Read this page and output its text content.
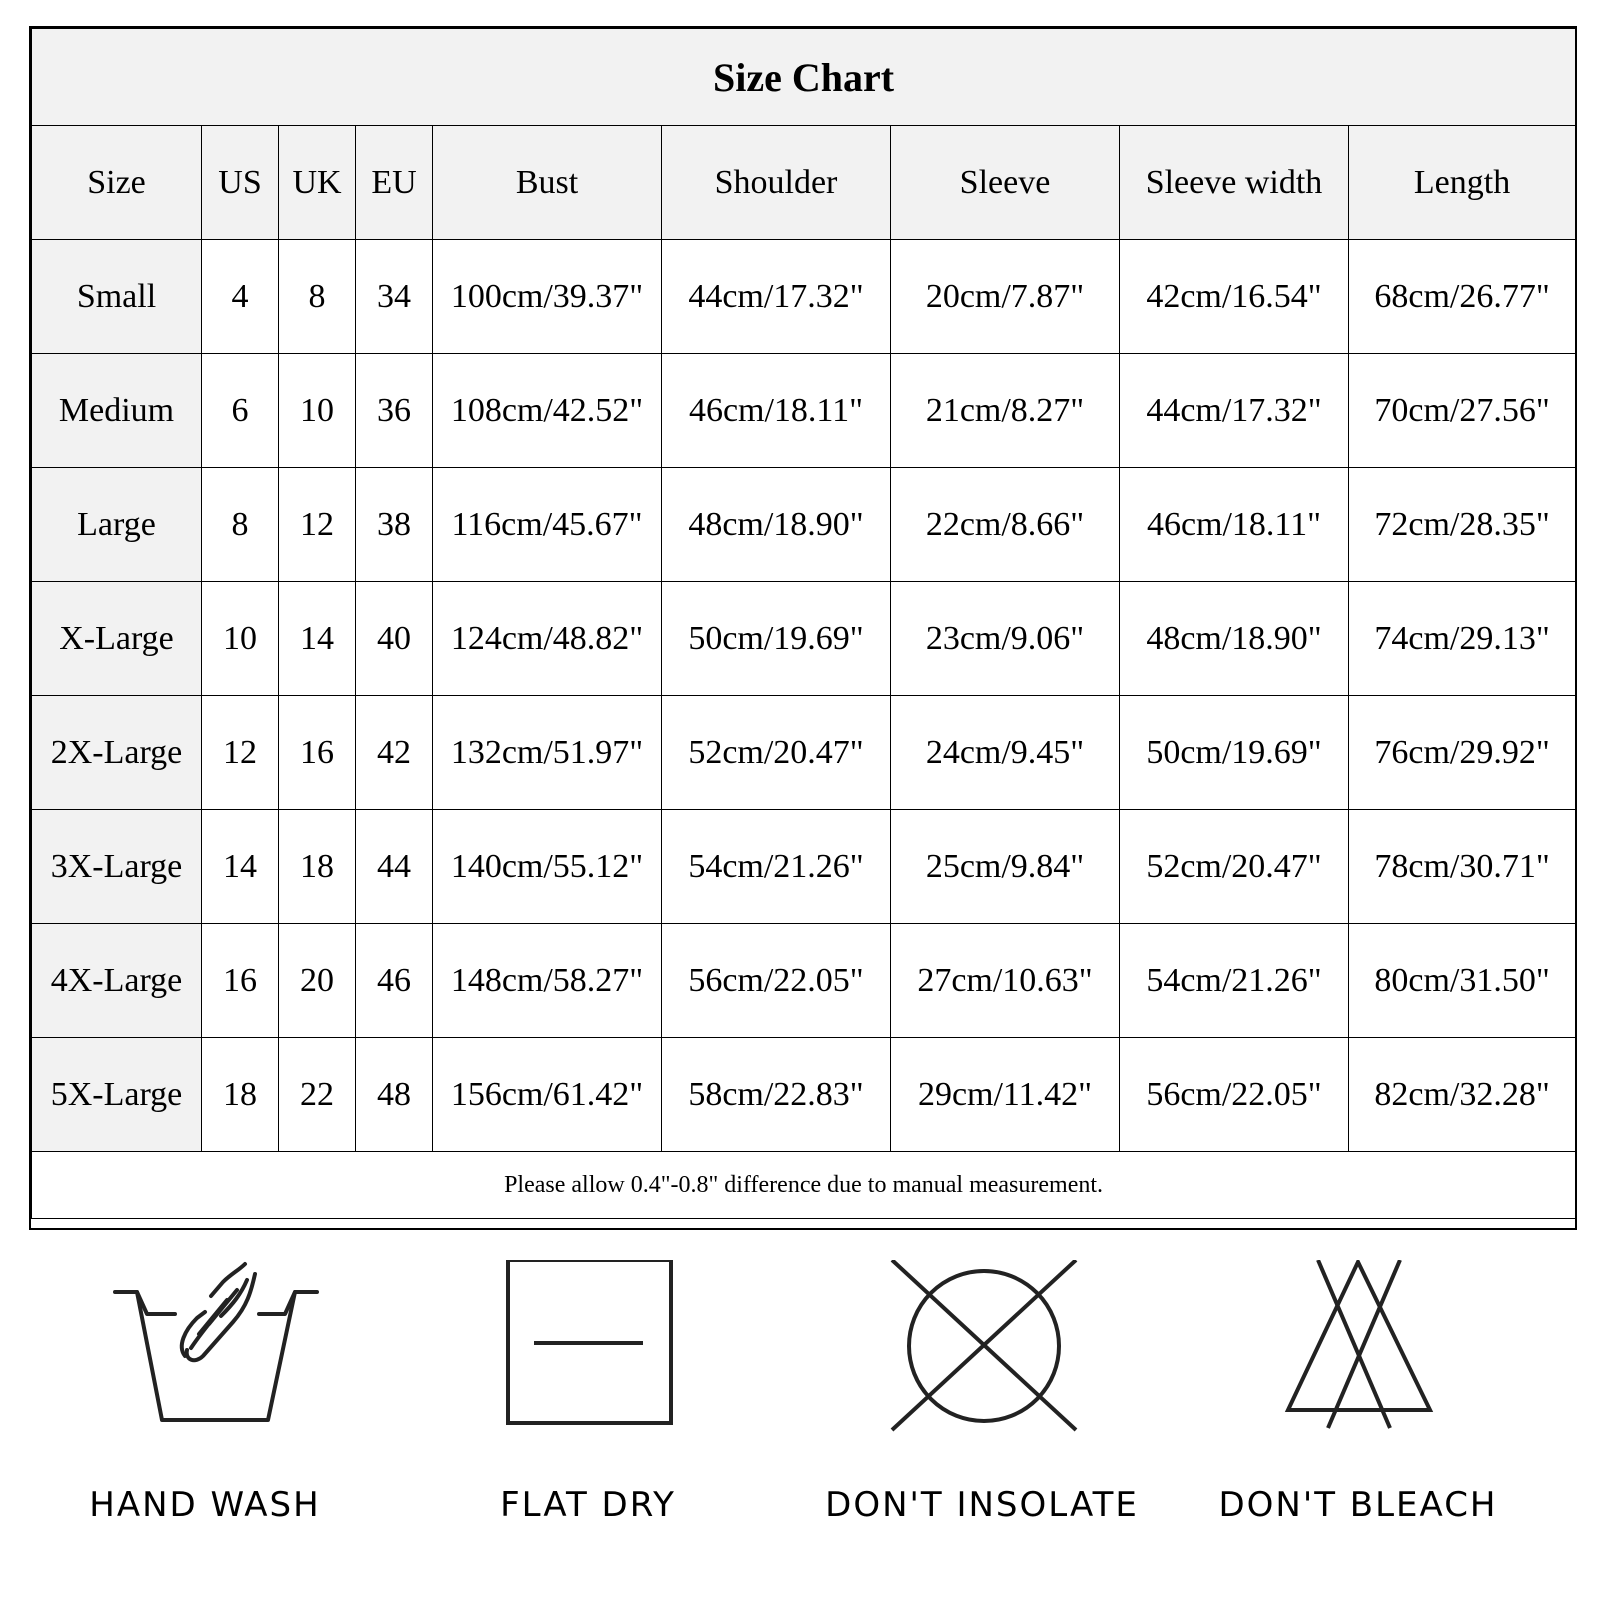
Size Chart								
Size	US	UK	EU	Bust	Shoulder	Sleeve	Sleeve width	Length
Small	4	8	34	100cm/39.37"	44cm/17.32"	20cm/7.87"	42cm/16.54"	68cm/26.77"
Medium	6	10	36	108cm/42.52"	46cm/18.11"	21cm/8.27"	44cm/17.32"	70cm/27.56"
Large	8	12	38	116cm/45.67"	48cm/18.90"	22cm/8.66"	46cm/18.11"	72cm/28.35"
X-Large	10	14	40	124cm/48.82"	50cm/19.69"	23cm/9.06"	48cm/18.90"	74cm/29.13"
2X-Large	12	16	42	132cm/51.97"	52cm/20.47"	24cm/9.45"	50cm/19.69"	76cm/29.92"
3X-Large	14	18	44	140cm/55.12"	54cm/21.26"	25cm/9.84"	52cm/20.47"	78cm/30.71"
4X-Large	16	20	46	148cm/58.27"	56cm/22.05"	27cm/10.63"	54cm/21.26"	80cm/31.50"
5X-Large	18	22	48	156cm/61.42"	58cm/22.83"	29cm/11.42"	56cm/22.05"	82cm/32.28"
Please allow 0.4"-0.8" difference due to manual measurement.								
HAND WASH	FLAT DRY	DON'T INSOLATE	DON'T BLEACH
